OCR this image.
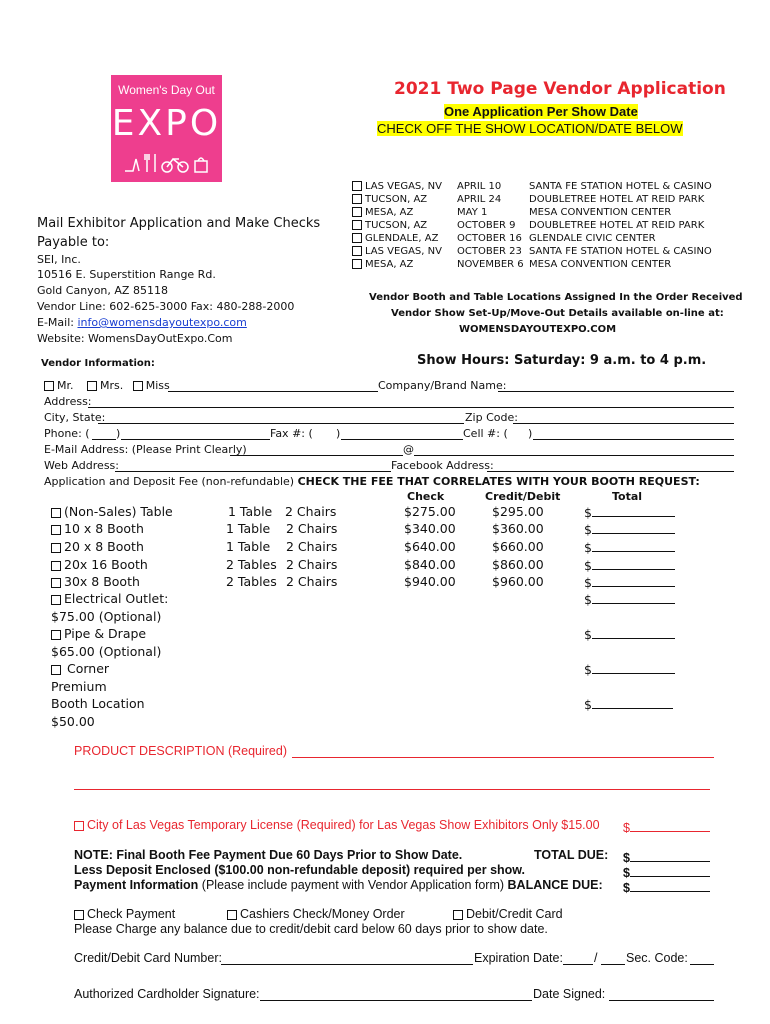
Women's Day Out
EXPO
2021 Two Page Vendor Application
One Application Per Show Date
CHECK OFF THE SHOW LOCATION/DATE BELOW
LAS VEGAS, NV APRIL 10	SANTA FE STATION HOTEL & CASINO
TUCSON, AZ	APRIL 24	DOUBLETREE HOTEL AT REID PARK
MESA, AZ	MAY 1	MESA CONVENTION CENTER
TUCSON, AZ	OCTOBER 9 DOUBLETREE HOTEL AT REID PARK
GLENDALE, AZ OCTOBER 16 GLENDALE CIVIC CENTER
LAS VEGAS, NV OCTOBER 23 SANTA FE STATION HOTEL & CASINO
MESA, AZ	NOVEMBER 6 MESA CONVENTION CENTER
Mail Exhibitor Application and Make Checks
Payable to:
SEI, Inc.
10516 E. Superstition Range Rd.
Gold Canyon, AZ 85118
Vendor Line: 602-625-3000 Fax: 480-288-2000
E-Mail: info@womensdayoutexpo.com
Website: WomensDayOutExpo.Com
Vendor Booth and Table Locations Assigned In the Order Received
Vendor Show Set-Up/Move-Out Details available on-line at:
WOMENSDAYOUTEXPO.COM
Vendor Information:	Show Hours: Saturday: 9 a.m. to 4 p.m.
Mr. Mrs. Miss	Company/Brand Name:
Address:
City, State:	Zip Code:
Phone: ( )	Fax #: ( )	Cell #: ( )
E-Mail Address: (Please Print Clearly)	@
Web Address:	Facebook Address:
Application and Deposit Fee (non-refundable) CHECK THE FEE THAT CORRELATES WITH YOUR BOOTH REQUEST:
Check	Credit/Debit	Total
(Non-Sales) Table	1 Table 2 Chairs	$275.00	$295.00	$
10 x 8 Booth	1 Table 2 Chairs	$340.00	$360.00	$
20 x 8 Booth	1 Table 2 Chairs	$640.00	$660.00	$
20x 16 Booth	2 Tables 2 Chairs	$840.00	$860.00	$
30x 8 Booth	2 Tables 2 Chairs	$940.00	$960.00	$
Electrical Outlet:	$
$75.00 (Optional)
Pipe & Drape	$
$65.00 (Optional)
Corner	$
Premium
Booth Location	$
$50.00
PRODUCT DESCRIPTION (Required)
City of Las Vegas Temporary License (Required) for Las Vegas Show Exhibitors Only $15.00 $
NOTE: Final Booth Fee Payment Due 60 Days Prior to Show Date.	TOTAL DUE: $
Less Deposit Enclosed ($100.00 non-refundable deposit) required per show.	$
Payment Information (Please include payment with Vendor Application form) BALANCE DUE: $
Check Payment	Cashiers Check/Money Order	Debit/Credit Card
Please Charge any balance due to credit/debit card below 60 days prior to show date.
Credit/Debit Card Number:	Expiration Date: / Sec. Code:
Authorized Cardholder Signature:	Date Signed:
